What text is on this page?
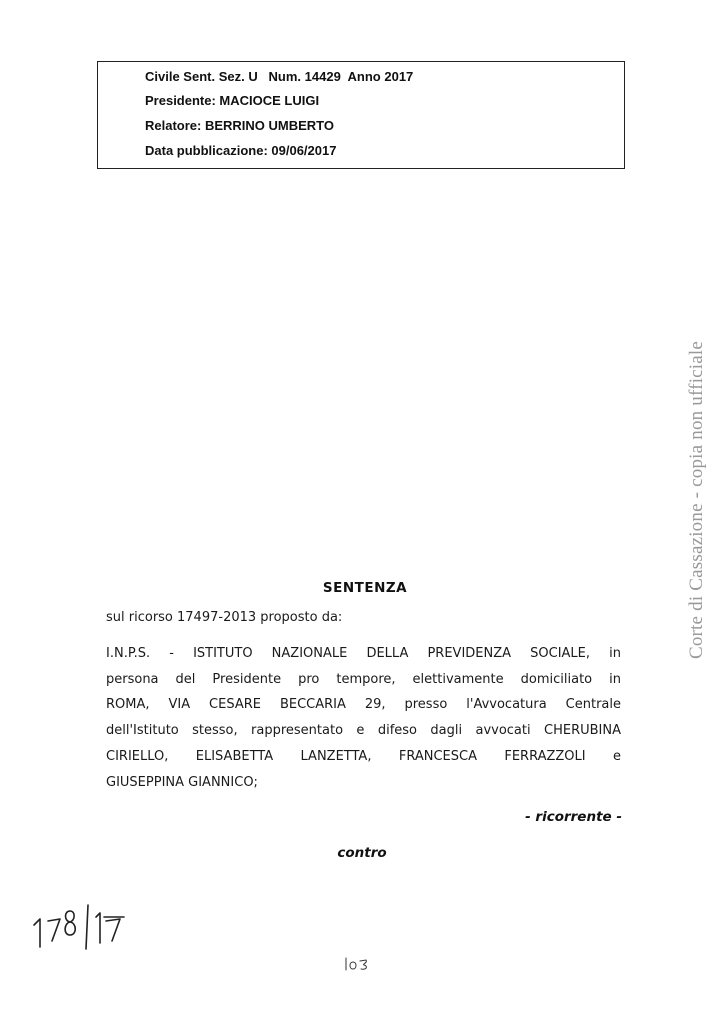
Civile Sent. Sez. U   Num. 14429  Anno 2017
Presidente: MACIOCE LUIGI
Relatore: BERRINO UMBERTO
Data pubblicazione: 09/06/2017
Corte di Cassazione - copia non ufficiale
SENTENZA
sul ricorso 17497-2013 proposto da:
I.N.P.S. - ISTITUTO NAZIONALE DELLA PREVIDENZA SOCIALE, in
persona del Presidente pro tempore, elettivamente domiciliato in
ROMA, VIA CESARE BECCARIA 29, presso l'Avvocatura Centrale
dell'Istituto stesso, rappresentato e difeso dagli avvocati CHERUBINA
CIRIELLO, ELISABETTA LANZETTA, FRANCESCA FERRAZZOLI e
GIUSEPPINA GIANNICO;
- ricorrente -
contro
